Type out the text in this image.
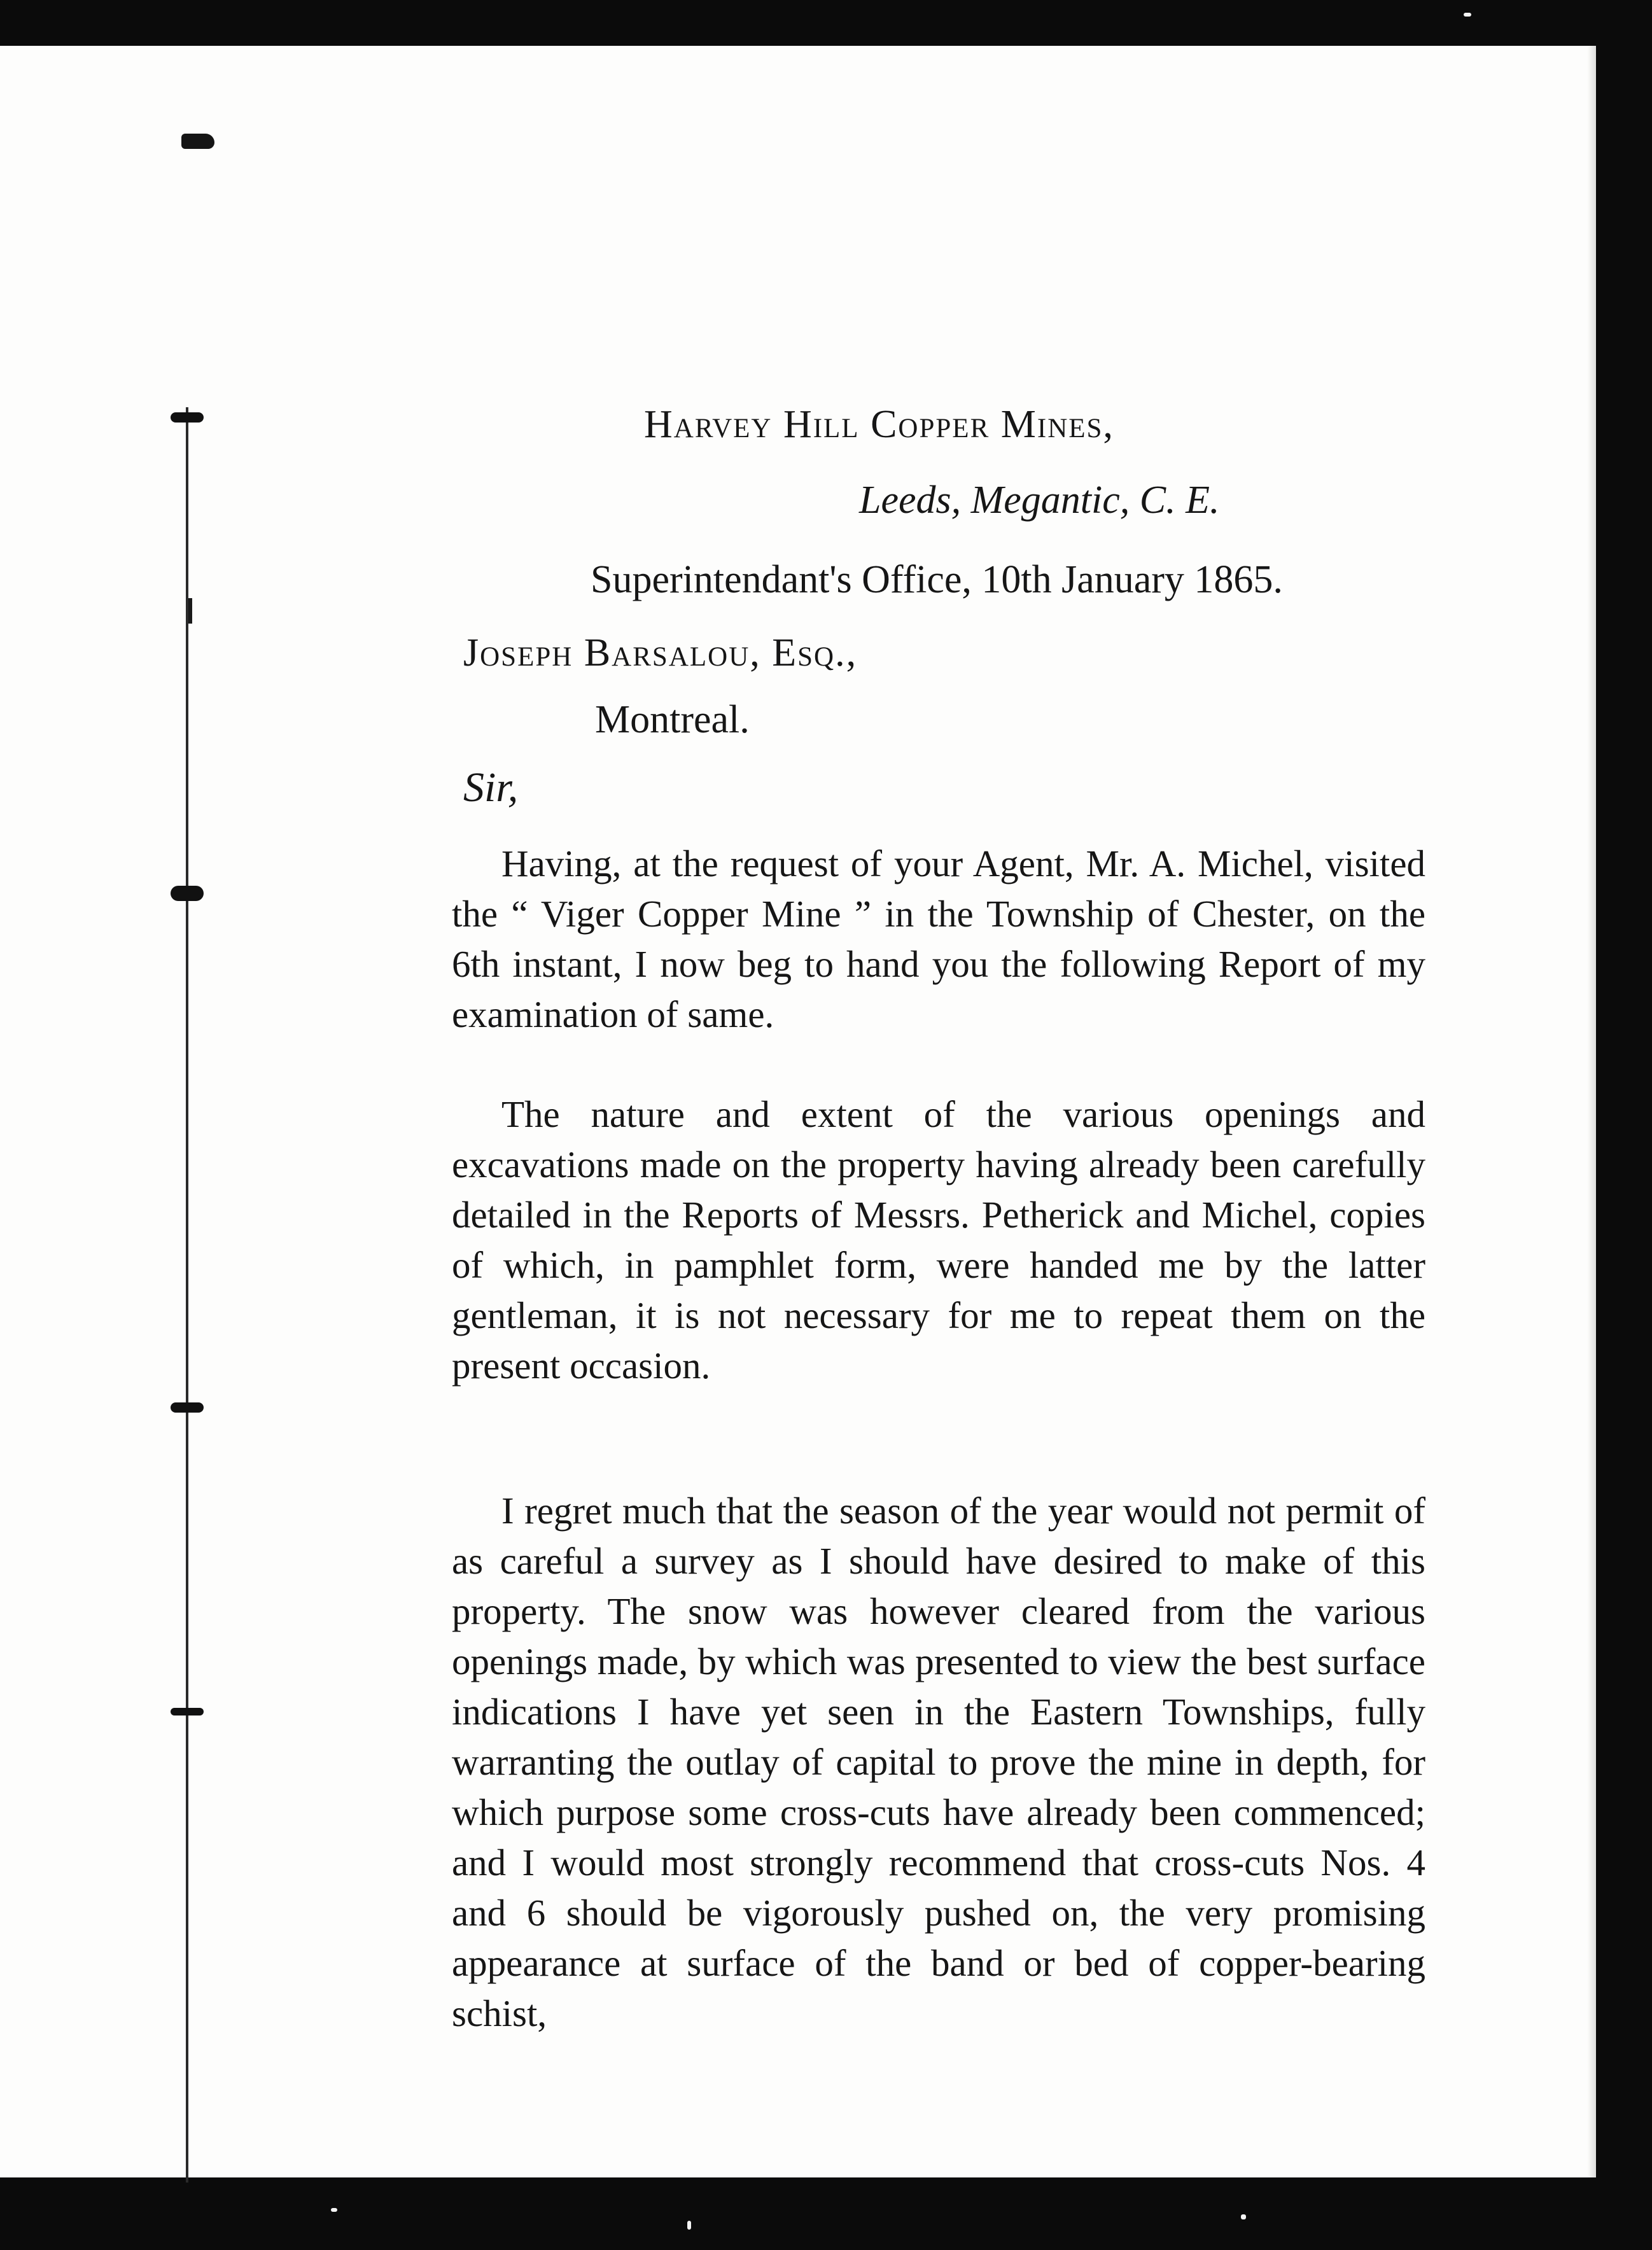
Harvey Hill Copper Mines,
Leeds, Megantic, C. E.
Superintendant's Office, 10th January 1865.
Joseph Barsalou, Esq.,
Montreal.
Sir,

Having, at the request of your Agent, Mr. A. Michel, visited the “ Viger Copper Mine ” in the Township of Chester, on the 6th instant, I now beg to hand you the following Report of my examination of same.

The nature and extent of the various openings and excavations made on the property having already been carefully detailed in the Reports of Messrs. Petherick and Michel, copies of which, in pamphlet form, were handed me by the latter gentleman, it is not necessary for me to repeat them on the present occasion.

I regret much that the season of the year would not permit of as careful a survey as I should have desired to make of this property. The snow was however cleared from the various openings made, by which was presented to view the best surface indications I have yet seen in the Eastern Townships, fully warranting the outlay of capital to prove the mine in depth, for which purpose some cross-cuts have already been commenced; and I would most strongly recommend that cross-cuts Nos. 4 and 6 should be vigorously pushed on, the very promising appearance at surface of the band or bed of copper-bearing schist,
